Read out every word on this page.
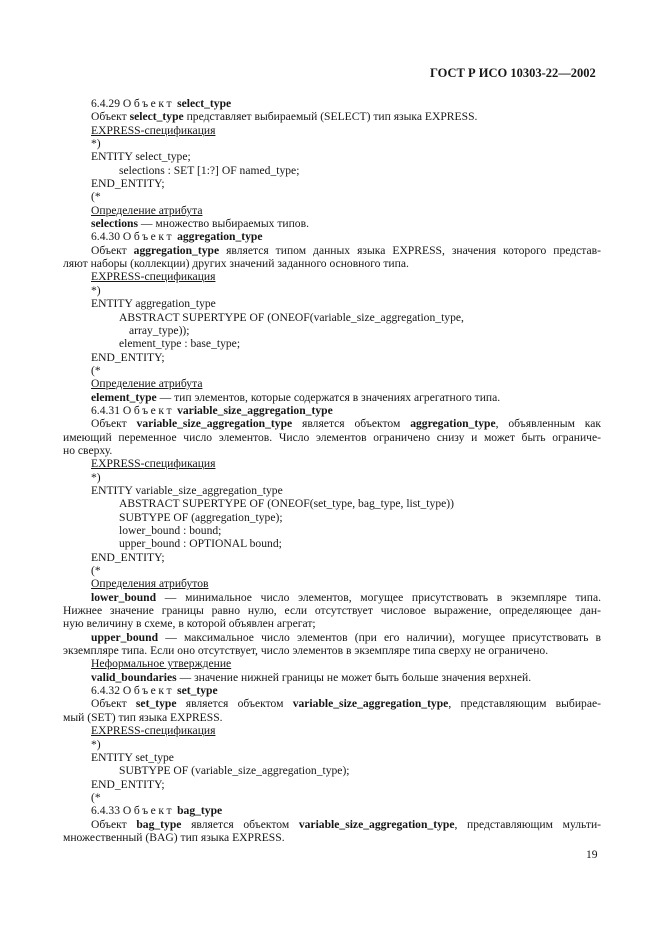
ГОСТ Р ИСО 10303-22—2002
6.4.29 Объект select_type
Объект select_type представляет выбираемый (SELECT) тип языка EXPRESS.
EXPRESS-спецификация
*)
ENTITY select_type;
selections : SET [1:?] OF named_type;
END_ENTITY;
(*
Определение атрибута
selections — множество выбираемых типов.
6.4.30 Объект aggregation_type
Объект aggregation_type является типом данных языка EXPRESS, значения которого представ-
ляют наборы (коллекции) других значений заданного основного типа.
EXPRESS-спецификация
*)
ENTITY aggregation_type
ABSTRACT SUPERTYPE OF (ONEOF(variable_size_aggregation_type,
array_type));
element_type : base_type;
END_ENTITY;
(*
Определение атрибута
element_type — тип элементов, которые содержатся в значениях агрегатного типа.
6.4.31 Объект variable_size_aggregation_type
Объект variable_size_aggregation_type является объектом aggregation_type, объявленным как
имеющий переменное число элементов. Число элементов ограничено снизу и может быть ограниче-
но сверху.
EXPRESS-спецификация
*)
ENTITY variable_size_aggregation_type
ABSTRACT SUPERTYPE OF (ONEOF(set_type, bag_type, list_type))
SUBTYPE OF (aggregation_type);
lower_bound : bound;
upper_bound : OPTIONAL bound;
END_ENTITY;
(*
Определения атрибутов
lower_bound — минимальное число элементов, могущее присутствовать в экземпляре типа.
Нижнее значение границы равно нулю, если отсутствует числовое выражение, определяющее дан-
ную величину в схеме, в которой объявлен агрегат;
upper_bound — максимальное число элементов (при его наличии), могущее присутствовать в
экземпляре типа. Если оно отсутствует, число элементов в экземпляре типа сверху не ограничено.
Неформальное утверждение
valid_boundaries — значение нижней границы не может быть больше значения верхней.
6.4.32 Объект set_type
Объект set_type является объектом variable_size_aggregation_type, представляющим выбирае-
мый (SET) тип языка EXPRESS.
EXPRESS-спецификация
*)
ENTITY set_type
SUBTYPE OF (variable_size_aggregation_type);
END_ENTITY;
(*
6.4.33 Объект bag_type
Объект bag_type является объектом variable_size_aggregation_type, представляющим мульти-
множественный (BAG) тип языка EXPRESS.
19
